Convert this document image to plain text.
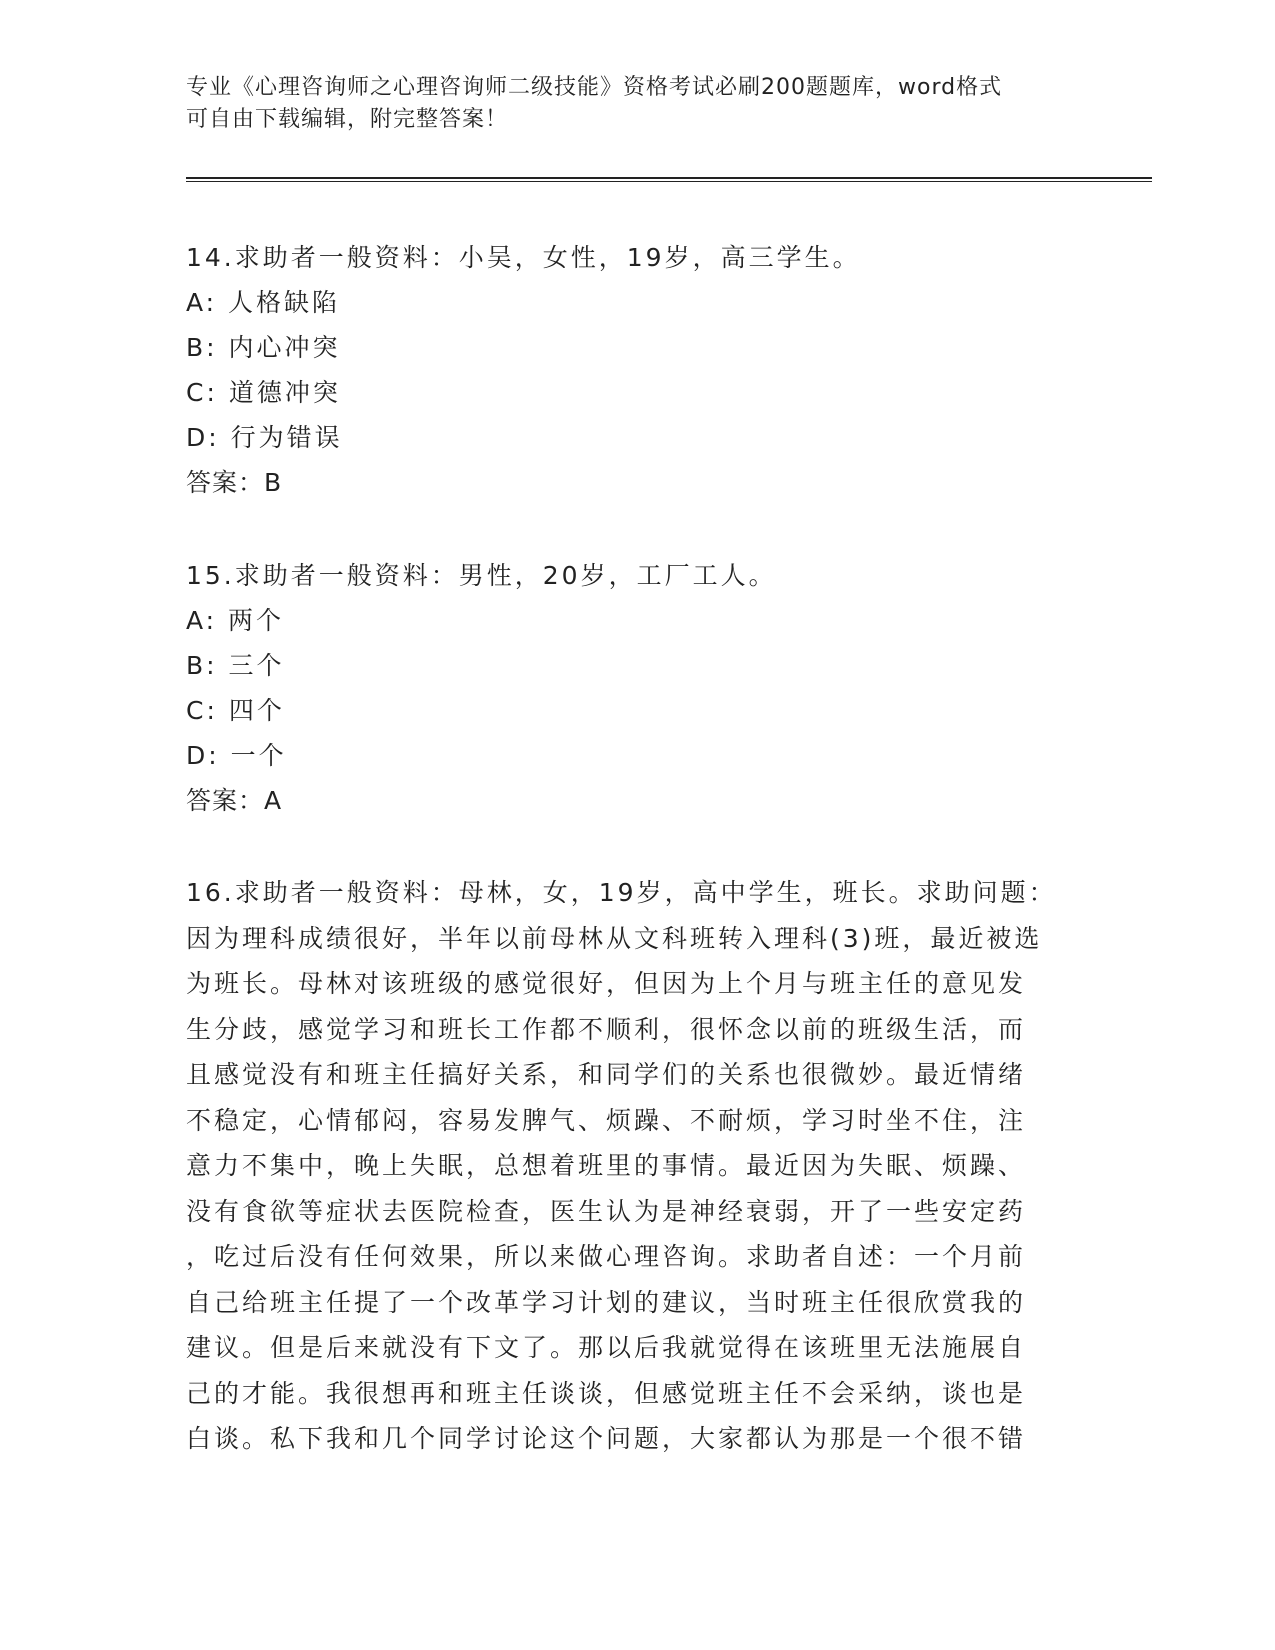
专业《心理咨询师之心理咨询师二级技能》资格考试必刷200题题库，word格式
可自由下载编辑，附完整答案！
14.求助者一般资料：小吴，女性，19岁，高三学生。
A: 人格缺陷
B: 内心冲突
C: 道德冲突
D: 行为错误
答案：B
15.求助者一般资料：男性，20岁，工厂工人。
A: 两个
B: 三个
C: 四个
D: 一个
答案：A
16.求助者一般资料：母林，女，19岁，高中学生，班长。求助问题：
因为理科成绩很好，半年以前母林从文科班转入理科(3)班，最近被选
为班长。母林对该班级的感觉很好，但因为上个月与班主任的意见发
生分歧，感觉学习和班长工作都不顺利，很怀念以前的班级生活，而
且感觉没有和班主任搞好关系，和同学们的关系也很微妙。最近情绪
不稳定，心情郁闷，容易发脾气、烦躁、不耐烦，学习时坐不住，注
意力不集中，晚上失眠，总想着班里的事情。最近因为失眠、烦躁、
没有食欲等症状去医院检查，医生认为是神经衰弱，开了一些安定药
，吃过后没有任何效果，所以来做心理咨询。求助者自述：一个月前
自己给班主任提了一个改革学习计划的建议，当时班主任很欣赏我的
建议。但是后来就没有下文了。那以后我就觉得在该班里无法施展自
己的才能。我很想再和班主任谈谈，但感觉班主任不会采纳，谈也是
白谈。私下我和几个同学讨论这个问题，大家都认为那是一个很不错
